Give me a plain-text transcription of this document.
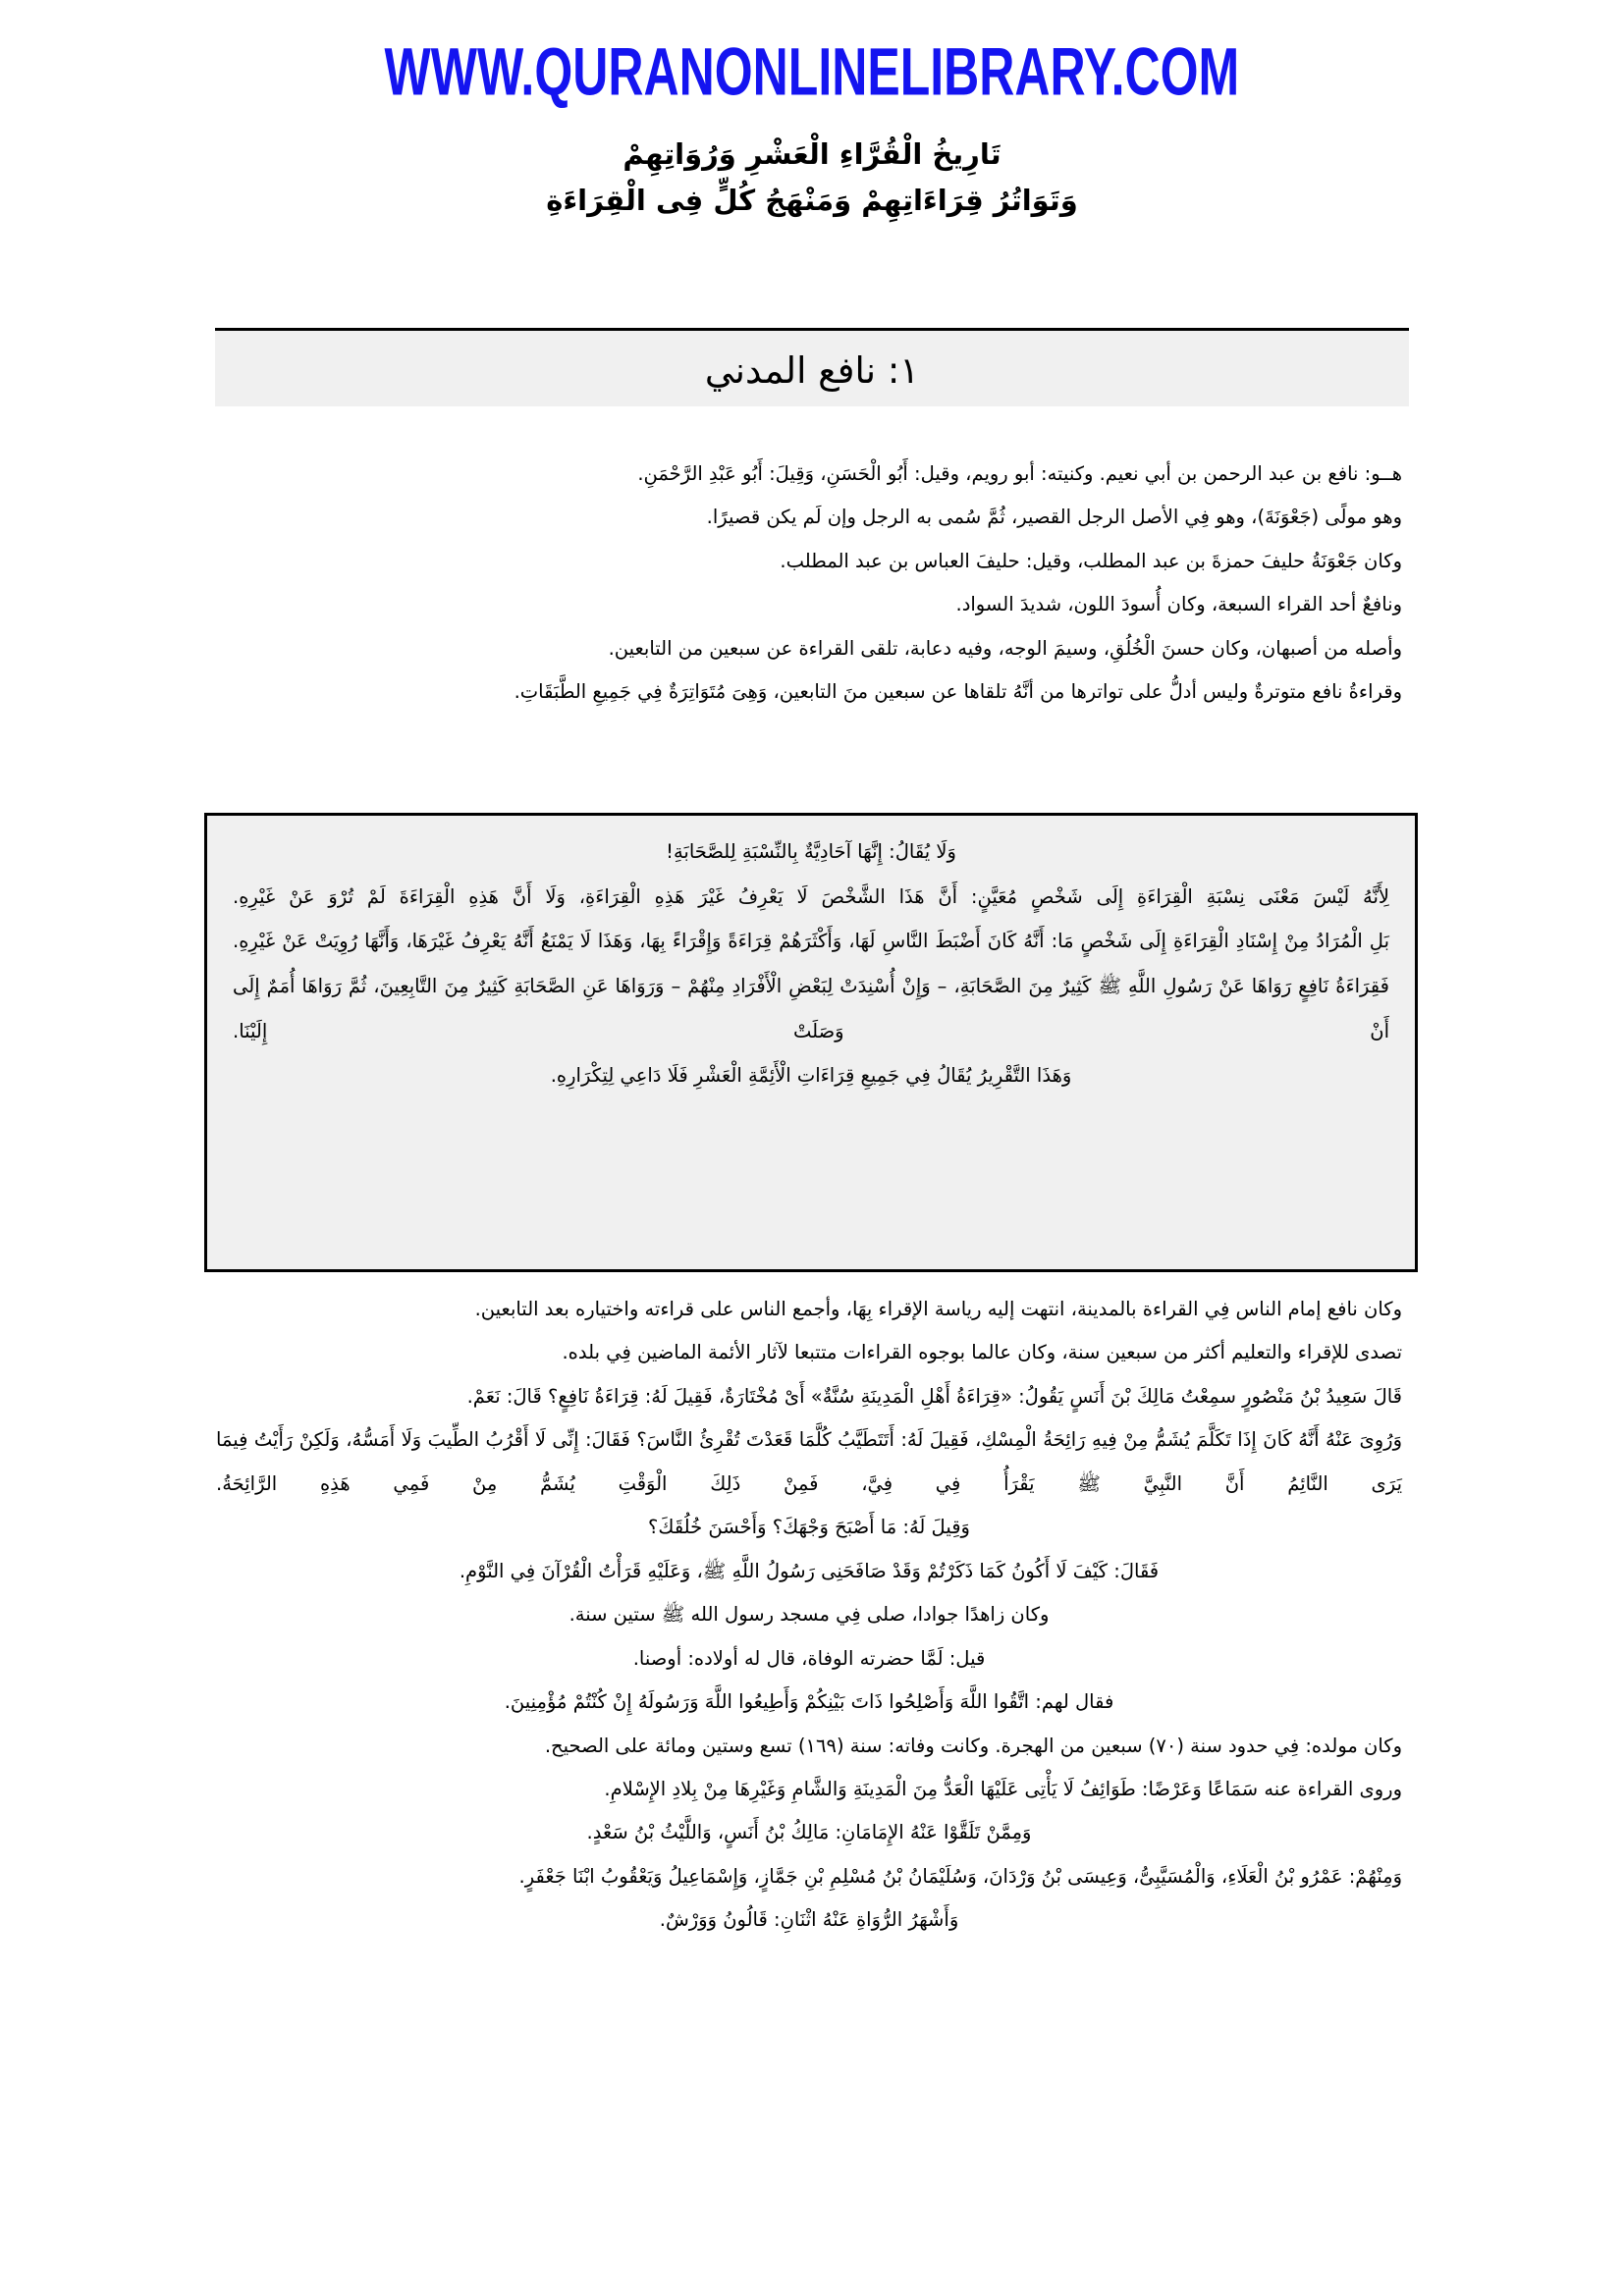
WWW.QURANONLINELIBRARY.COM
تَارِيخُ الْقُرَّاءِ الْعَشْرِ وَرُوَاتِهِمْ
وَتَوَاتُرُ قِرَاءَاتِهِمْ وَمَنْهَجُ كُلٍّ فِى الْقِرَاءَةِ
١: نافع المدني

هــو: نافع بن عبد الرحمن بن أبي نعيم. وكنيته: أبو رويم، وقيل: أَبُو الْحَسَنِ، وَقِيلَ: أَبُو عَبْدِ الرَّحْمَنِ.

وهو مولًى (جَعْوَنَةَ)، وهو فِي الأصل الرجل القصير، ثُمَّ سُمى به الرجل وإن لَم يكن قصيرًا.

وكان جَعْوَنَةُ حليفَ حمزةَ بن عبد المطلب، وقيل: حليفَ العباس بن عبد المطلب.

ونافعٌ أحد القراء السبعة، وكان أُسودَ اللون، شديدَ السواد.

وأصله من أصبهان، وكان حسنَ الْخُلُقِ، وسيمَ الوجه، وفيه دعابة، تلقى القراءة عن سبعين من التابعين.

وقراءةُ نافع متوترةٌ وليس أدلُّ على تواترها من أنَّهُ تلقاها عن سبعين منَ التابعين، وَهِىَ مُتَوَاتِرَةٌ فِي جَمِيعِ الطَّبَقَاتِ.

وَلَا يُقَالُ: إِنَّهَا آحَادِيَّةٌ بِالنِّسْبَةِ لِلصَّحَابَةِ!

لِأَنَّهُ لَيْسَ مَعْنَى نِسْبَةِ الْقِرَاءَةِ إِلَى شَخْصٍ مُعَيَّنٍ: أَنَّ هَذَا الشَّخْصَ لَا يَعْرِفُ غَيْرَ هَذِهِ الْقِرَاءَةِ، وَلَا أَنَّ هَذِهِ الْقِرَاءَةَ لَمْ تُرْوَ عَنْ غَيْرِهِ.

بَلِ الْمُرَادُ مِنْ إِسْنَادِ الْقِرَاءَةِ إِلَى شَخْصٍ مَا: أَنَّهُ كَانَ أَضْبَطَ النَّاسِ لَهَا، وَأَكْثَرَهُمْ قِرَاءَةً وَإِقْرَاءً بِهَا، وَهَذَا لَا يَمْنَعُ أَنَّهُ يَعْرِفُ غَيْرَهَا، وَأَنَّهَا رُوِيَتْ عَنْ غَيْرِهِ.

فَقِرَاءَةُ نَافِعٍ رَوَاهَا عَنْ رَسُولِ اللَّهِ ﷺ كَثِيرٌ مِنَ الصَّحَابَةِ، – وَإِنْ أُسْنِدَتْ لِبَعْضِ الْأَفْرَادِ مِنْهُمْ – وَرَوَاهَا عَنِ الصَّحَابَةِ كَثِيرٌ مِنَ التَّابِعِينَ، ثُمَّ رَوَاهَا أُمَمٌ إِلَى أَنْ وَصَلَتْ إِلَيْنَا.

وَهَذَا التَّقْرِيرُ يُقَالُ فِي جَمِيعِ قِرَاءَاتِ الْأَئِمَّةِ الْعَشْرِ فَلَا دَاعِي لِتِكْرَارِهِ.

وكان نافع إمام الناس فِي القراءة بالمدينة، انتهت إليه رياسة الإقراء بِهَا، وأجمع الناس على قراءته واختياره بعد التابعين.

تصدى للإقراء والتعليم أكثر من سبعين سنة، وكان عالما بوجوه القراءات متتبعا لآثار الأئمة الماضين فِي بلده.

قَالَ سَعِيدُ بْنُ مَنْصُورٍ سمِعْتُ مَالِكَ بْنَ أَنَسٍ يَقُولُ: «قِرَاءَةُ أَهْلِ الْمَدِينَةِ سُنَّةٌ» أَىْ مُخْتَارَةٌ، فَقِيلَ لَهُ: قِرَاءَةُ نَافِعٍ؟ قَالَ: نَعَمْ.

وَرُوِىَ عَنْهُ أَنَّهُ كَانَ إِذَا تَكَلَّمَ يُشَمُّ مِنْ فِيهِ رَائِحَةُ الْمِسْكِ، فَقِيلَ لَهُ: أَتَتَطَيَّبُ كُلَّمَا قَعَدْتَ تُقْرِئُ النَّاسَ؟ فَقَالَ: إِنِّى لَا أَقْرُبُ الطِّيبَ وَلَا أَمَسُّهُ، وَلَكِنْ رَأَيْتُ فِيمَا يَرَى النَّائِمُ أَنَّ النَّبِيَّ ﷺ يَقْرَأُ فِي فِيَّ، فَمِنْ ذَلِكَ الْوَقْتِ يُشَمُّ مِنْ فَمِي هَذِهِ الرَّائِحَةُ.

وَقِيلَ لَهُ: مَا أَصْبَحَ وَجْهَكَ؟ وَأَحْسَنَ خُلُقَكَ؟

فَقَالَ: كَيْفَ لَا أَكُونُ كَمَا ذَكَرْتُمْ وَقَدْ صَافَحَنِى رَسُولُ اللَّهِ ﷺ، وَعَلَيْهِ قَرَأْتُ الْقُرْآنَ فِي النَّوْمِ.

وكان زاهدًا جوادا، صلى فِي مسجد رسول الله ﷺ ستين سنة.

قيل: لَمَّا حضرته الوفاة، قال له أولاده: أوصنا.

فقال لهم: اتَّقُوا اللَّهَ وَأَصْلِحُوا ذَاتَ بَيْنِكُمْ وَأَطِيعُوا اللَّهَ وَرَسُولَهُ إِنْ كُنْتُمْ مُؤْمِنِينَ.

وكان مولده: فِي حدود سنة (٧٠) سبعين من الهجرة. وكانت وفاته: سنة (١٦٩) تسع وستين ومائة على الصحيح.

وروى القراءة عنه سَمَاعًا وَعَرْضًا: طَوَائِفُ لَا يَأْتِى عَلَيْهَا الْعَدُّ مِنَ الْمَدِينَةِ وَالشَّامِ وَغَيْرِهَا مِنْ بِلادِ الإِسْلامِ.

وَمِمَّنْ تَلَقَّوْا عَنْهُ الإِمَامَانِ: مَالِكُ بْنُ أَنَسٍ، وَاللَّيْثُ بْنُ سَعْدٍ.

وَمِنْهُمْ: عَمْرُو بْنُ الْعَلَاءِ، وَالْمُسَيَّبِىُّ، وَعِيسَى بْنُ وَرْدَانَ، وَسُلَيْمَانُ بْنُ مُسْلِمِ بْنِ جَمَّازٍ، وَإِسْمَاعِيلُ وَيَعْقُوبُ ابْنَا جَعْفَرٍ.

وَأَشْهَرُ الرُّوَاةِ عَنْهُ اثْنَانِ: قَالُونُ وَوَرْشٌ.
